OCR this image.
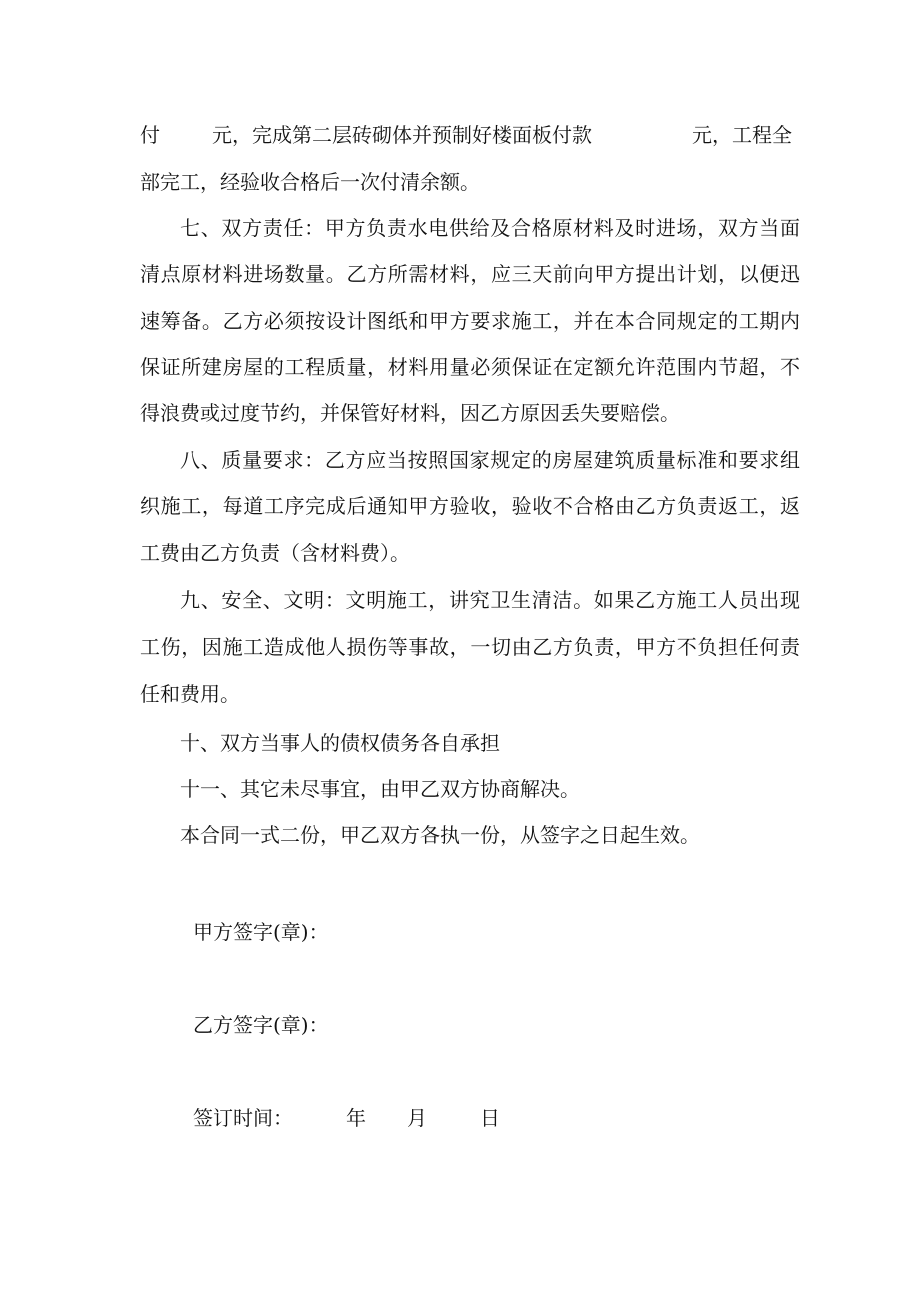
付	元，完成第二层砖砌体并预制好楼面板付款	元，工程全
部完工，经验收合格后一次付清余额。
七、双方责任：甲方负责水电供给及合格原材料及时进场，双方当面
清点原材料进场数量。乙方所需材料，应三天前向甲方提出计划，以便迅
速筹备。乙方必须按设计图纸和甲方要求施工，并在本合同规定的工期内
保证所建房屋的工程质量，材料用量必须保证在定额允许范围内节超，不
得浪费或过度节约，并保管好材料，因乙方原因丢失要赔偿。
八、质量要求：乙方应当按照国家规定的房屋建筑质量标准和要求组
织施工，每道工序完成后通知甲方验收，验收不合格由乙方负责返工，返
工费由乙方负责（含材料费）。
九、安全、文明：文明施工，讲究卫生清洁。如果乙方施工人员出现
工伤，因施工造成他人损伤等事故，一切由乙方负责，甲方不负担任何责
任和费用。
十、双方当事人的债权债务各自承担
十一、其它未尽事宜，由甲乙双方协商解决。
本合同一式二份，甲乙双方各执一份，从签字之日起生效。
甲方签字(章)：
乙方签字(章)：
签订时间：	年 月	日
